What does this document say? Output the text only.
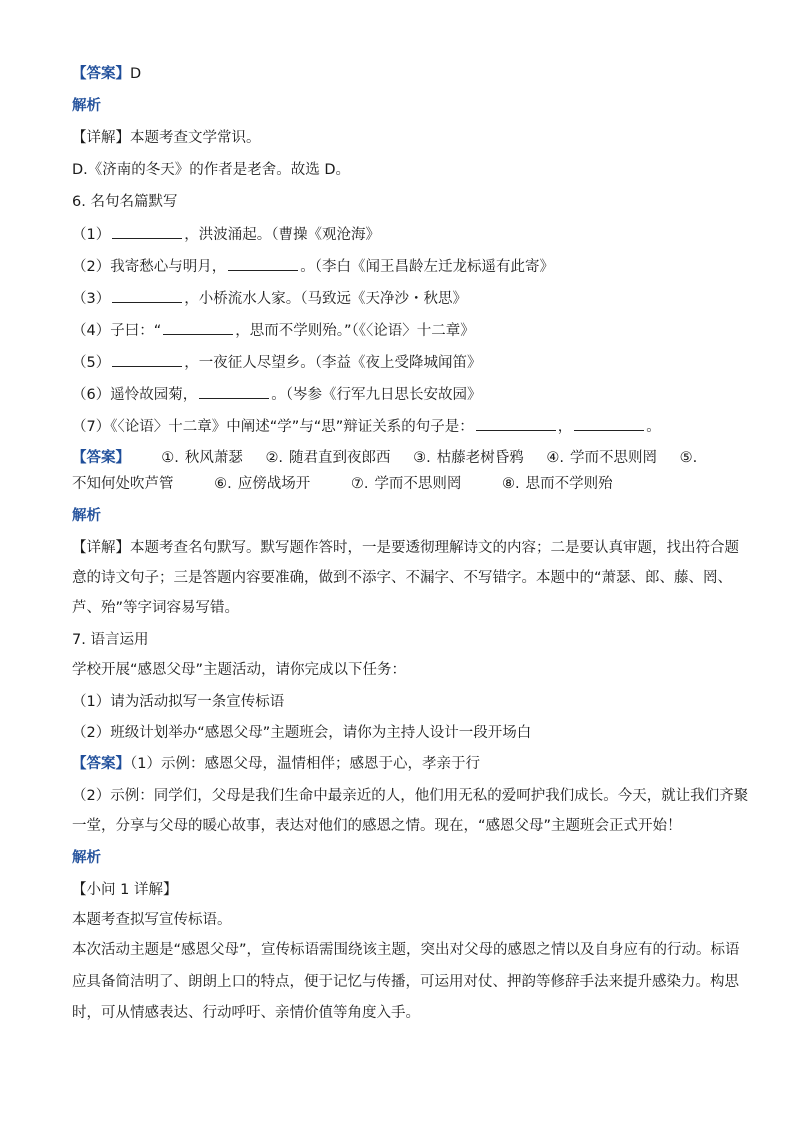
【答案】D
解析
【详解】本题考查文学常识。
D.《济南的冬天》的作者是老舍。故选 D。
6. 名句名篇默写
（1）	，洪波涌起。（曹操《观沧海》
（2）我寄愁心与明月，	。（李白《闻王昌龄左迁龙标遥有此寄》
（3）	，小桥流水人家。（马致远《天净沙・秋思》
（4）子曰：“	，思而不学则殆。”（《〈论语〉十二章》
（5）	，一夜征人尽望乡。（李益《夜上受降城闻笛》
（6）遥怜故园菊，	。（岑参《行军九日思长安故园》
（7）《〈论语〉十二章》中阐述“学”与“思”辩证关系的句子是：	，	。
【答案】 ①. 秋风萧瑟 ②. 随君直到夜郎西 ③. 枯藤老树昏鸦 ④. 学而不思则罔 ⑤.
不知何处吹芦管	⑥. 应傍战场开	⑦. 学而不思则罔	⑧. 思而不学则殆
解析
【详解】本题考查名句默写。默写题作答时，一是要透彻理解诗文的内容；二是要认真审题，找出符合题
意的诗文句子；三是答题内容要准确，做到不添字、不漏字、不写错字。本题中的“萧瑟、郎、藤、罔、
芦、殆”等字词容易写错。
7. 语言运用
学校开展“感恩父母”主题活动，请你完成以下任务：
（1）请为活动拟写一条宣传标语
（2）班级计划举办“感恩父母”主题班会，请你为主持人设计一段开场白
【答案】（1）示例：感恩父母，温情相伴；感恩于心，孝亲于行
（2）示例：同学们，父母是我们生命中最亲近的人，他们用无私的爱呵护我们成长。今天，就让我们齐聚
一堂，分享与父母的暖心故事，表达对他们的感恩之情。现在，“感恩父母”主题班会正式开始！
解析
【小问 1 详解】
本题考查拟写宣传标语。
本次活动主题是“感恩父母”，宣传标语需围绕该主题，突出对父母的感恩之情以及自身应有的行动。标语
应具备简洁明了、朗朗上口的特点，便于记忆与传播，可运用对仗、押韵等修辞手法来提升感染力。构思
时，可从情感表达、行动呼吁、亲情价值等角度入手。
